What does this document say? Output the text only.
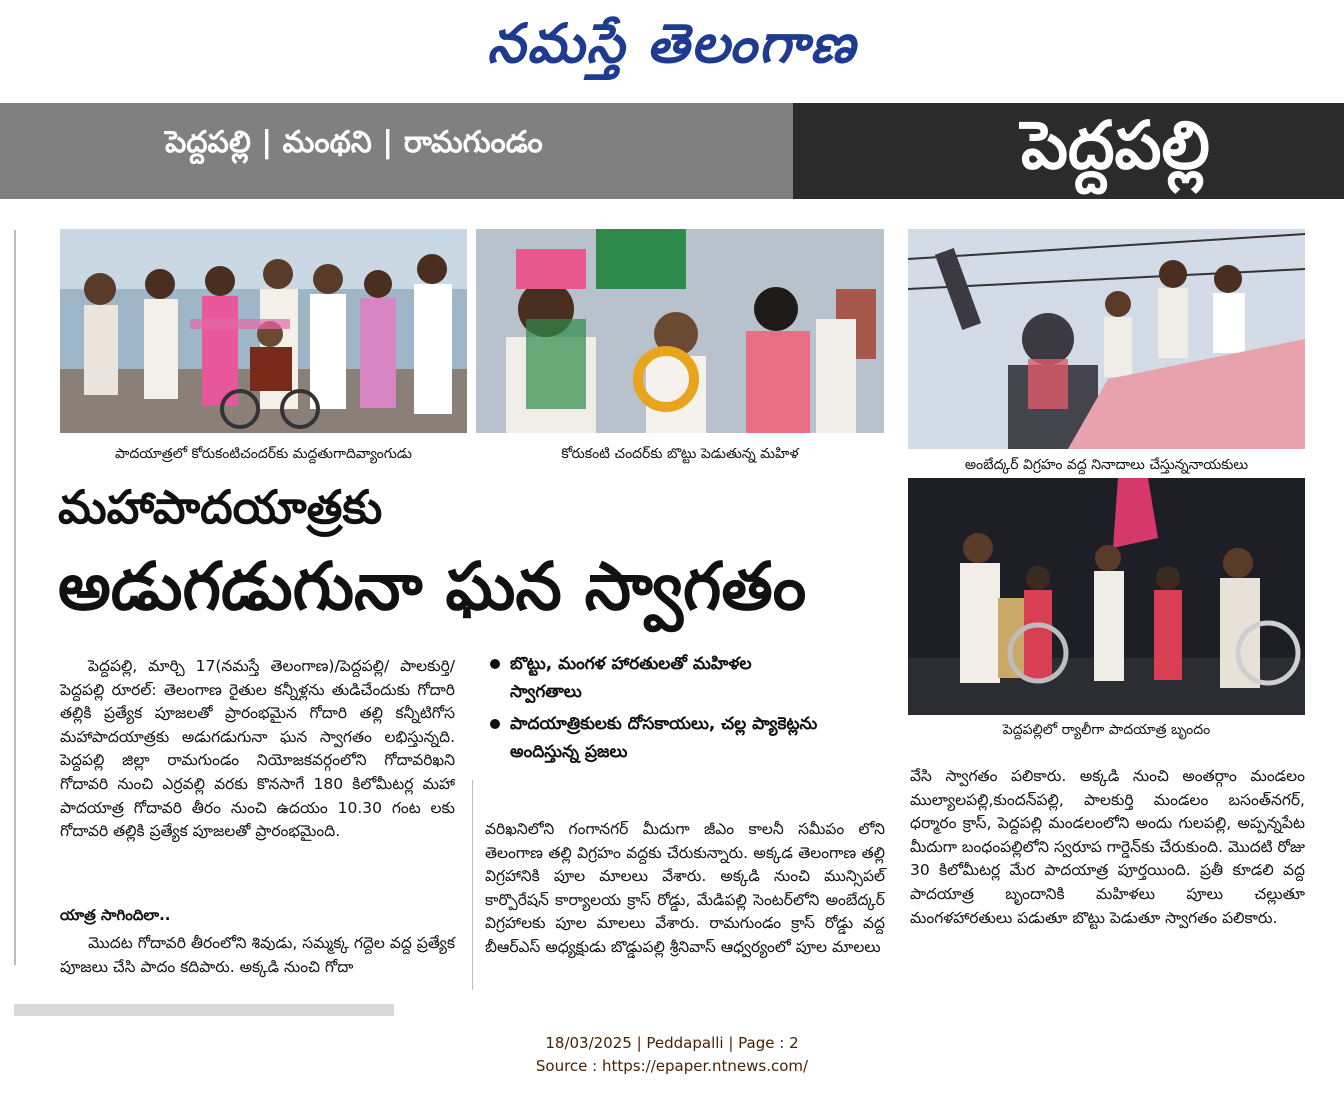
నమస్తే తెలంగాణ
పెద్దపల్లి | మంథని | రామగుండం	పెద్దపల్లి
పాదయాత్రలో కోరుకంటిచందర్‌కు మద్దతుగాదివ్యాంగుడు	కోరుకంటి చందర్‌కు బొట్టు పెడుతున్న మహిళ
అంబేద్కర్ విగ్రహం వద్ద నినాదాలు చేస్తున్ననాయకులు
పెద్దపల్లిలో ర్యాలీగా పాదయాత్ర బృందం
మహాపాదయాత్రకు
అడుగడుగునా ఘన స్వాగతం

పెద్దపల్లి, మార్చి 17(నమస్తే తెలంగాణ)/పెద్దపల్లి/ పాలకుర్తి/ పెద్దపల్లి రూరల్: తెలంగాణ రైతుల కన్నీళ్లను తుడిచేందుకు గోదారి తల్లికి ప్రత్యేక పూజలతో ప్రారంభమైన గోదారి తల్లి కన్నీటిగోస మహాపాదయాత్రకు అడుగడుగునా ఘన స్వాగతం లభిస్తున్నది. పెద్దపల్లి జిల్లా రామగుండం నియోజకవర్గంలోని గోదావరిఖని గోదావరి నుంచి ఎర్రవల్లి వరకు కొనసాగే 180 కిలోమీటర్ల మహా పాదయాత్ర గోదావరి తీరం నుంచి ఉదయం 10.30 గంట లకు గోదావరి తల్లికి ప్రత్యేక పూజలతో ప్రారంభమైంది.

యాత్ర సాగిందిలా..

మొదట గోదావరి తీరంలోని శివుడు, సమ్మక్క గద్దెల వద్ద ప్రత్యేక పూజలు చేసి పాదం కదిపారు. అక్కడి నుంచి గోదా

బొట్టు, మంగళ హారతులతో మహిళల స్వాగతాలు
పాదయాత్రికులకు దోసకాయలు, చల్ల ప్యాకెట్లను అందిస్తున్న ప్రజలు

వరిఖనిలోని గంగానగర్ మీదుగా జీఎం కాలనీ సమీపం లోని తెలంగాణ తల్లి విగ్రహం వద్దకు చేరుకున్నారు. అక్కడ తెలంగాణ తల్లి విగ్రహానికి పూల మాలలు వేశారు. అక్కడి నుంచి మున్సిపల్ కార్పొరేషన్ కార్యాలయ క్రాస్ రోడ్డు, మేడిపల్లి సెంటర్‌లోని అంబేద్కర్ విగ్రహాలకు పూల మాలలు వేశారు. రామగుండం క్రాస్ రోడ్డు వద్ద బీఆర్‌ఎస్ అధ్యక్షుడు బొడ్డుపల్లి శ్రీనివాస్ ఆధ్వర్యంలో పూల మాలలు

వేసి స్వాగతం పలికారు. అక్కడి నుంచి అంతర్గాం మండలం ముల్యాలపల్లి,కుందన్‌పల్లి, పాలకుర్తి మండలం బసంత్‌నగర్, ధర్మారం క్రాస్, పెద్దపల్లి మండలంలోని అందు గులపల్లి, అప్పన్నపేట మీదుగా బంధంపల్లిలోని స్వరూప గార్డెన్‌కు చేరుకుంది. మొదటి రోజు 30 కిలోమీటర్ల మేర పాదయాత్ర పూర్తయింది. ప్రతీ కూడలి వద్ద పాదయాత్ర బృందానికి మహిళలు పూలు చల్లుతూ మంగళహారతులు పడుతూ బొట్టు పెడుతూ స్వాగతం పలికారు.

18/03/2025 | Peddapalli | Page : 2
Source : https://epaper.ntnews.com/
